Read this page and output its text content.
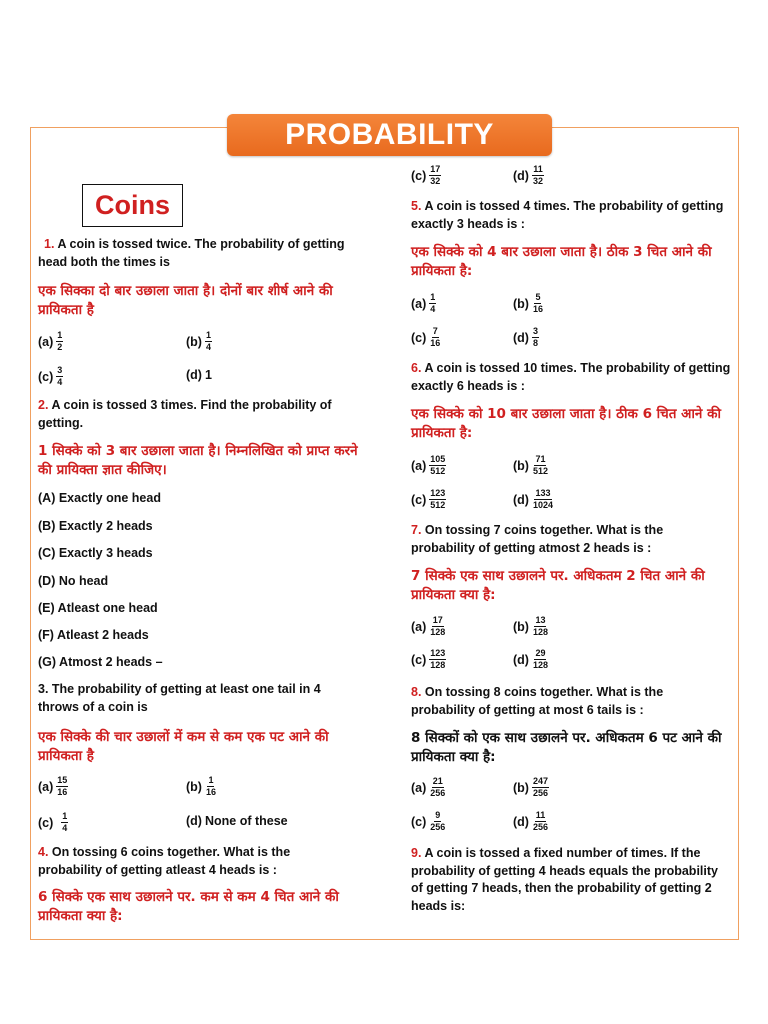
PROBABILITY
Coins
1. A coin is tossed twice. The probability of getting head both the times is
एक सिक्का दो बार उछाला जाता है। दोनों बार शीर्ष आने की प्रायिकता है
$(a) \frac{1}{2}$	$(b) \frac{1}{4}$
$(c) \frac{3}{4}$	(d) 1
2. A coin is tossed 3 times. Find the probability of getting.
1 सिक्के को 3 बार उछाला जाता है। निम्नलिखित को प्राप्त करने की प्रायिक्ता ज्ञात कीजिए।
(A) Exactly one head
(B) Exactly 2 heads
(C) Exactly 3 heads
(D) No head
(E) Atleast one head
(F) Atleast 2 heads
(G) Atmost 2 heads –
3. The probability of getting at least one tail in 4 throws of a coin is
एक सिक्के की चार उछालों में कम से कम एक पट आने की प्रायिकता है
$(a) \frac{15}{16}$	$(b) \frac{1}{16}$
$(c) \frac{1}{4}$	(d) None of these
4. On tossing 6 coins together. What is the probability of getting atleast 4 heads is :
6 सिक्के एक साथ उछालने पर. कम से कम 4 चित आने की प्रायिकता क्या है:
$(c) \frac{17}{32}$	$(d) \frac{11}{32}$
5. A coin is tossed 4 times. The probability of getting exactly 3 heads is :
एक सिक्के को 4 बार उछाला जाता है। ठीक 3 चित आने की प्रायिकता है:
$(a) \frac{1}{4}$	$(b) \frac{5}{16}$
$(c) \frac{7}{16}$	$(d) \frac{3}{8}$
6. A coin is tossed 10 times. The probability of getting exactly 6 heads is :
एक सिक्के को 10 बार उछाला जाता है। ठीक 6 चित आने की प्रायिकता है:
$(a) \frac{105}{512}$	$(b) \frac{71}{512}$
$(c) \frac{123}{512}$	$(d) \frac{133}{1024}$
7. On tossing 7 coins together. What is the probability of getting atmost 2 heads is :
7 सिक्के एक साथ उछालने पर. अधिकतम 2 चित आने की प्रायिकता क्या है:
$(a) \frac{17}{128}$	$(b) \frac{13}{128}$
$(c) \frac{123}{128}$	$(d) \frac{29}{128}$
8. On tossing 8 coins together. What is the probability of getting at most 6 tails is :
8 सिक्कों को एक साथ उछालने पर. अधिकतम 6 पट आने की प्रायिकता क्या है:
$(a) \frac{21}{256}$	$(b) \frac{247}{256}$
$(c) \frac{9}{256}$	$(d) \frac{11}{256}$
9. A coin is tossed a fixed number of times. If the probability of getting 4 heads equals the probability of getting 7 heads, then the probability of getting 2 heads is:
